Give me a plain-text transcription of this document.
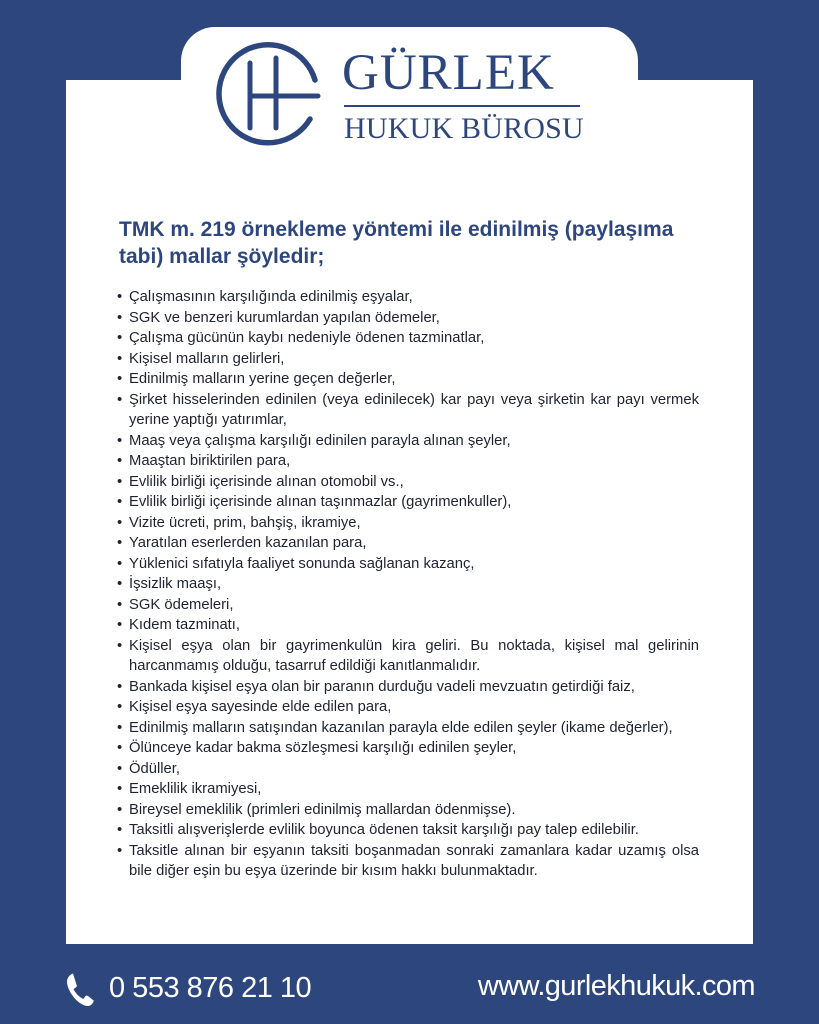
GÜRLEK
HUKUK BÜROSU
TMK m. 219 örnekleme yöntemi ile edinilmiş (paylaşıma tabi) mallar şöyledir;
• Çalışmasının karşılığında edinilmiş eşyalar,
• SGK ve benzeri kurumlardan yapılan ödemeler,
• Çalışma gücünün kaybı nedeniyle ödenen tazminatlar,
• Kişisel malların gelirleri,
• Edinilmiş malların yerine geçen değerler,
• Şirket hisselerinden edinilen (veya edinilecek) kar payı veya şirketin kar payı vermek yerine yaptığı yatırımlar,
• Maaş veya çalışma karşılığı edinilen parayla alınan şeyler,
• Maaştan biriktirilen para,
• Evlilik birliği içerisinde alınan otomobil vs.,
• Evlilik birliği içerisinde alınan taşınmazlar (gayrimenkuller),
• Vizite ücreti, prim, bahşiş, ikramiye,
• Yaratılan eserlerden kazanılan para,
• Yüklenici sıfatıyla faaliyet sonunda sağlanan kazanç,
• İşsizlik maaşı,
• SGK ödemeleri,
• Kıdem tazminatı,
• Kişisel eşya olan bir gayrimenkulün kira geliri. Bu noktada, kişisel mal gelirinin harcanmamış olduğu, tasarruf edildiği kanıtlanmalıdır.
• Bankada kişisel eşya olan bir paranın durduğu vadeli mevzuatın getirdiği faiz,
• Kişisel eşya sayesinde elde edilen para,
• Edinilmiş malların satışından kazanılan parayla elde edilen şeyler (ikame değerler),
• Ölünceye kadar bakma sözleşmesi karşılığı edinilen şeyler,
• Ödüller,
• Emeklilik ikramiyesi,
• Bireysel emeklilik (primleri edinilmiş mallardan ödenmişse).
• Taksitli alışverişlerde evlilik boyunca ödenen taksit karşılığı pay talep edilebilir.
• Taksitle alınan bir eşyanın taksiti boşanmadan sonraki zamanlara kadar uzamış olsa bile diğer eşin bu eşya üzerinde bir kısım hakkı bulunmaktadır.
0 553 876 21 10	www.gurlekhukuk.com
